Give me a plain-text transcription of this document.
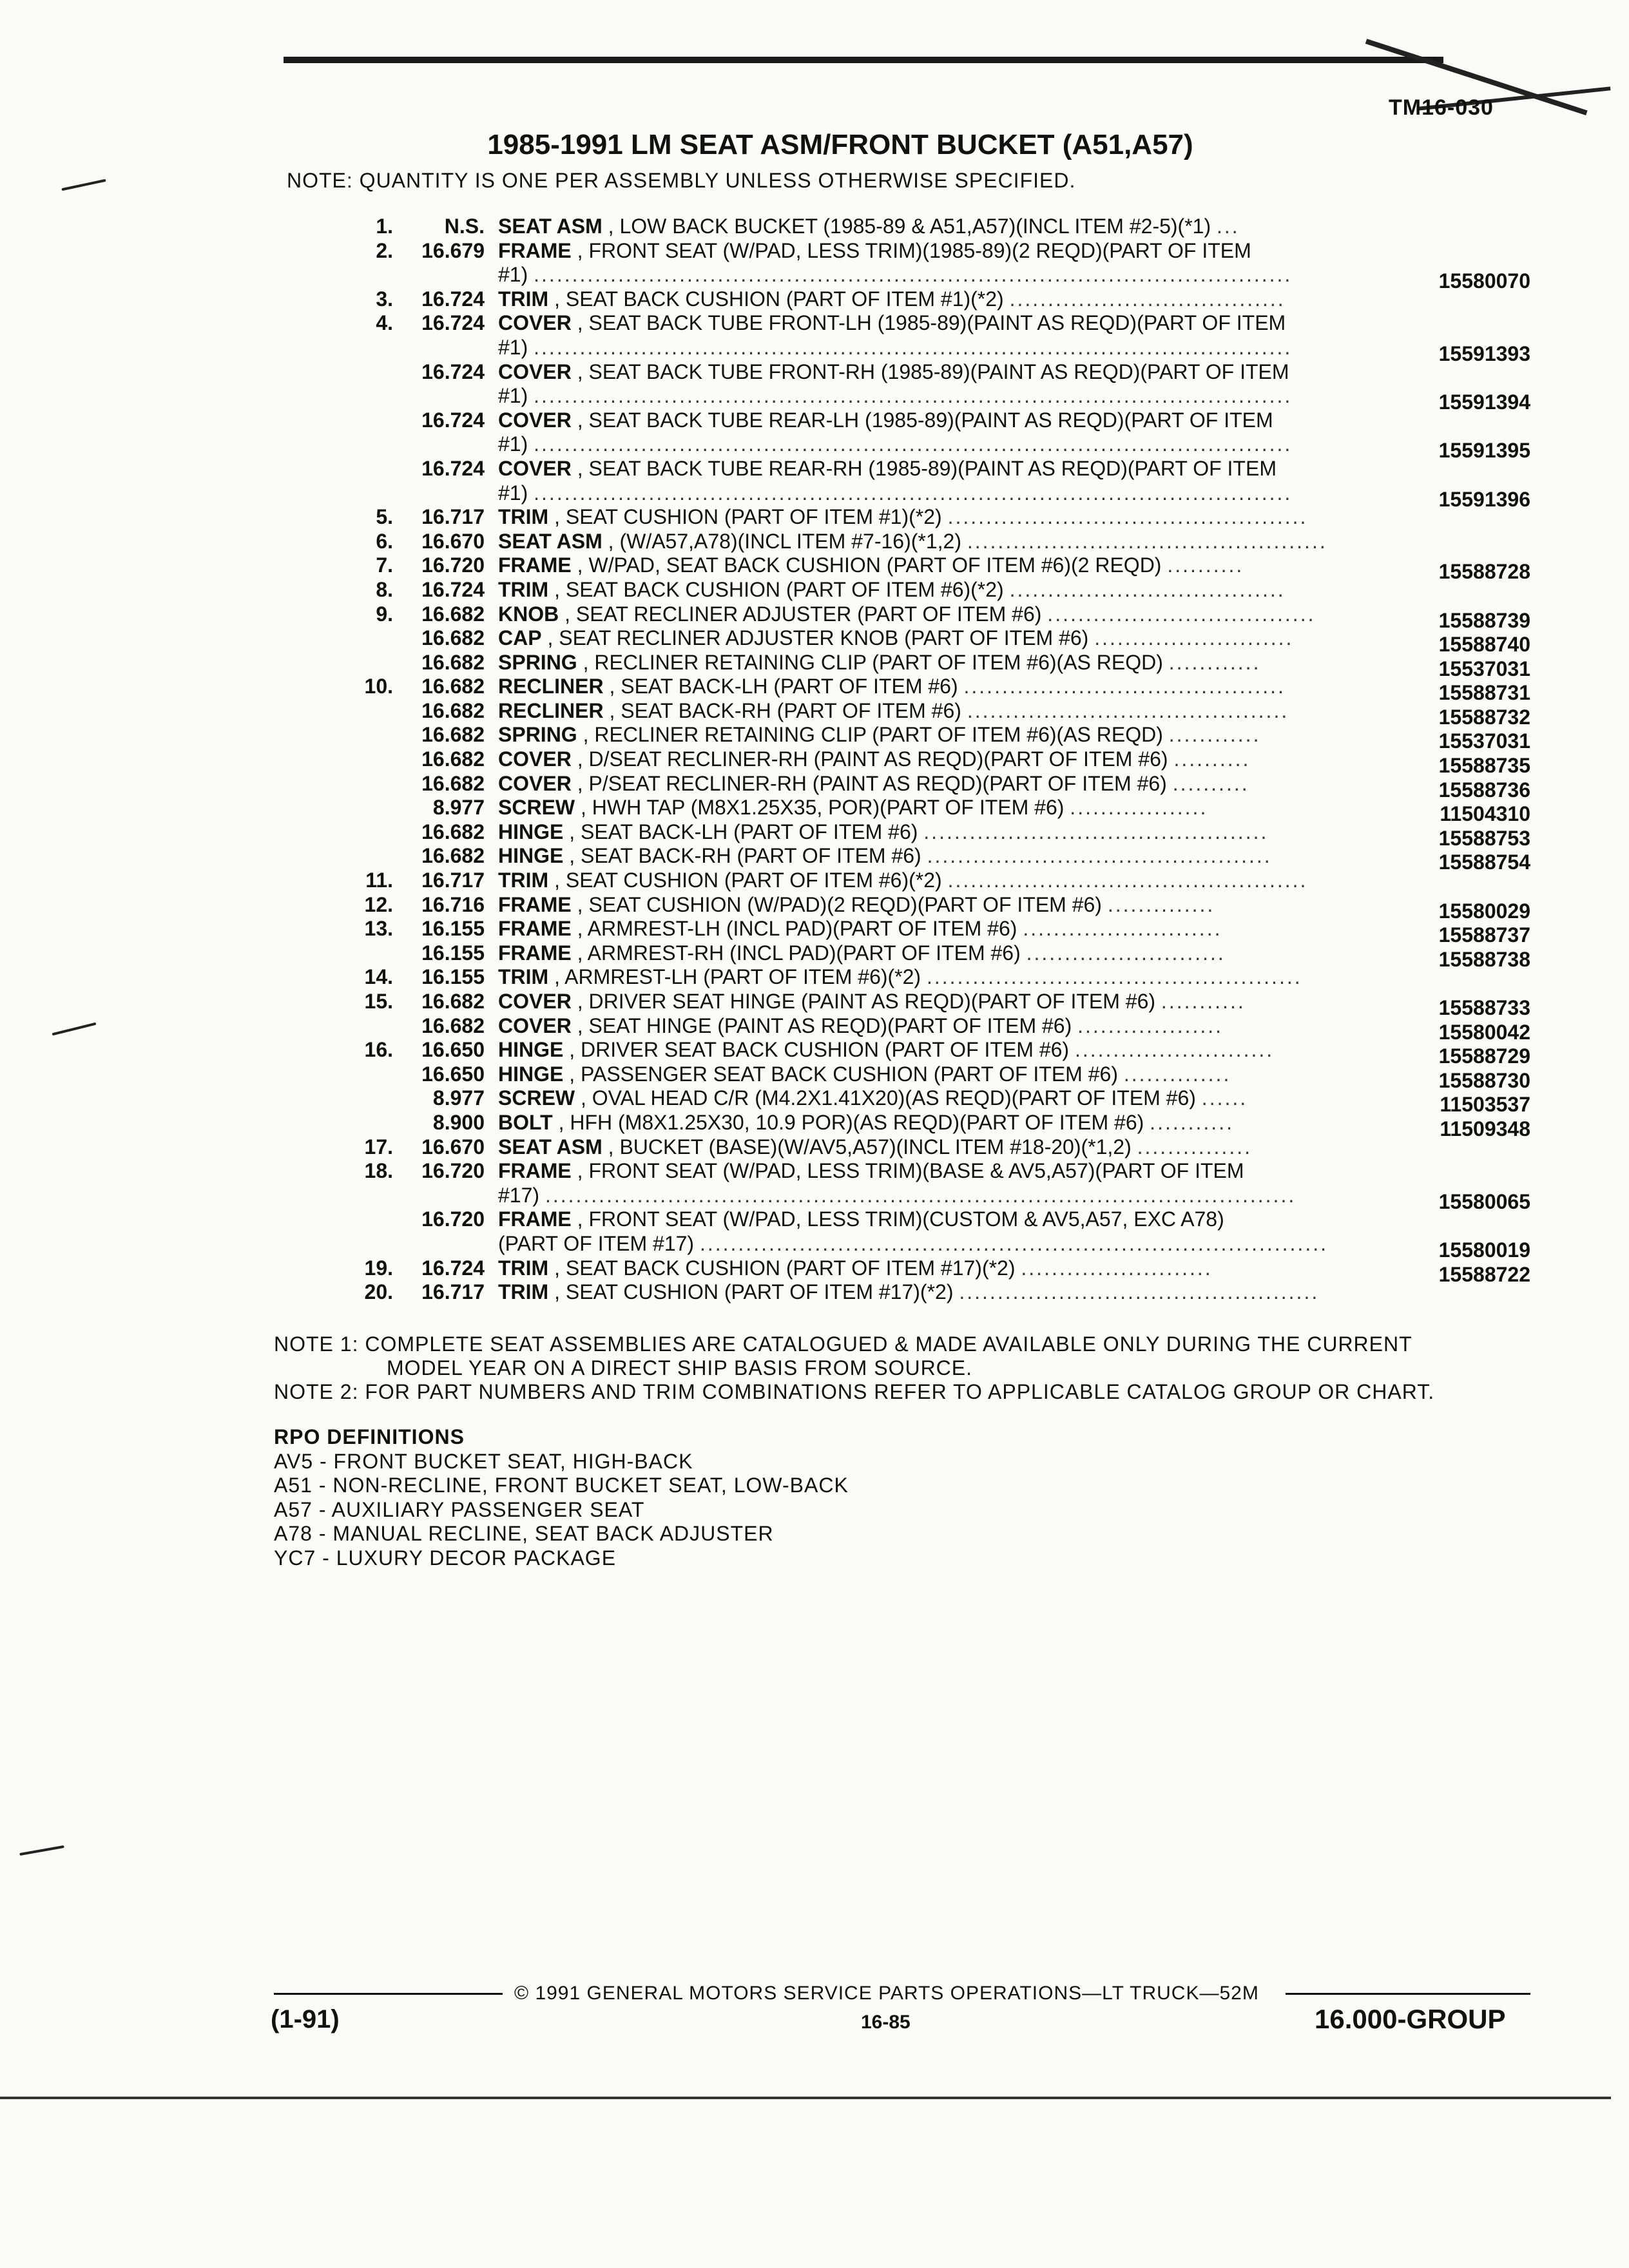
TM16-030
1985-1991 LM SEAT ASM/FRONT BUCKET (A51,A57)
NOTE: QUANTITY IS ONE PER ASSEMBLY UNLESS OTHERWISE SPECIFIED.
1.	N.S. SEAT ASM , LOW BACK BUCKET (1985-89 & A51,A57)(INCL ITEM #2-5)(*1) ...
2.	16.679 FRAME , FRONT SEAT (W/PAD, LESS TRIM)(1985-89)(2 REQD)(PART OF ITEM
#1) ...................................................................................................	15580070
3.	16.724 TRIM , SEAT BACK CUSHION (PART OF ITEM #1)(*2) ....................................
4.	16.724 COVER , SEAT BACK TUBE FRONT-LH (1985-89)(PAINT AS REQD)(PART OF ITEM
#1) ...................................................................................................	15591393
16.724 COVER , SEAT BACK TUBE FRONT-RH (1985-89)(PAINT AS REQD)(PART OF ITEM
#1) ...................................................................................................	15591394
16.724 COVER , SEAT BACK TUBE REAR-LH (1985-89)(PAINT AS REQD)(PART OF ITEM
#1) ...................................................................................................	15591395
16.724 COVER , SEAT BACK TUBE REAR-RH (1985-89)(PAINT AS REQD)(PART OF ITEM
#1) ...................................................................................................	15591396
5.	16.717 TRIM , SEAT CUSHION (PART OF ITEM #1)(*2) ...............................................
6.	16.670 SEAT ASM , (W/A57,A78)(INCL ITEM #7-16)(*1,2) ...............................................
7.	16.720 FRAME , W/PAD, SEAT BACK CUSHION (PART OF ITEM #6)(2 REQD) ..........	15588728
8.	16.724 TRIM , SEAT BACK CUSHION (PART OF ITEM #6)(*2) ....................................
9.	16.682 KNOB , SEAT RECLINER ADJUSTER (PART OF ITEM #6) ...................................	15588739
16.682 CAP , SEAT RECLINER ADJUSTER KNOB (PART OF ITEM #6) ..........................	15588740
16.682 SPRING , RECLINER RETAINING CLIP (PART OF ITEM #6)(AS REQD) ............	15537031
10.	16.682 RECLINER , SEAT BACK-LH (PART OF ITEM #6) ..........................................	15588731
16.682 RECLINER , SEAT BACK-RH (PART OF ITEM #6) ..........................................	15588732
16.682 SPRING , RECLINER RETAINING CLIP (PART OF ITEM #6)(AS REQD) ............	15537031
16.682 COVER , D/SEAT RECLINER-RH (PAINT AS REQD)(PART OF ITEM #6) ..........	15588735
16.682 COVER , P/SEAT RECLINER-RH (PAINT AS REQD)(PART OF ITEM #6) ..........	15588736
8.977 SCREW , HWH TAP (M8X1.25X35, POR)(PART OF ITEM #6) ..................	11504310
16.682 HINGE , SEAT BACK-LH (PART OF ITEM #6) .............................................	15588753
16.682 HINGE , SEAT BACK-RH (PART OF ITEM #6) .............................................	15588754
11.	16.717 TRIM , SEAT CUSHION (PART OF ITEM #6)(*2) ...............................................
12.	16.716 FRAME , SEAT CUSHION (W/PAD)(2 REQD)(PART OF ITEM #6) ..............	15580029
13.	16.155 FRAME , ARMREST-LH (INCL PAD)(PART OF ITEM #6) ..........................	15588737
16.155 FRAME , ARMREST-RH (INCL PAD)(PART OF ITEM #6) ..........................	15588738
14.	16.155 TRIM , ARMREST-LH (PART OF ITEM #6)(*2) .................................................
15.	16.682 COVER , DRIVER SEAT HINGE (PAINT AS REQD)(PART OF ITEM #6) ...........	15588733
16.682 COVER , SEAT HINGE (PAINT AS REQD)(PART OF ITEM #6) ...................	15580042
16.	16.650 HINGE , DRIVER SEAT BACK CUSHION (PART OF ITEM #6) ..........................	15588729
16.650 HINGE , PASSENGER SEAT BACK CUSHION (PART OF ITEM #6) ..............	15588730
8.977 SCREW , OVAL HEAD C/R (M4.2X1.41X20)(AS REQD)(PART OF ITEM #6) ......	11503537
8.900 BOLT , HFH (M8X1.25X30, 10.9 POR)(AS REQD)(PART OF ITEM #6) ...........	11509348
17.	16.670 SEAT ASM , BUCKET (BASE)(W/AV5,A57)(INCL ITEM #18-20)(*1,2) ...............
18.	16.720 FRAME , FRONT SEAT (W/PAD, LESS TRIM)(BASE & AV5,A57)(PART OF ITEM
#17) ..................................................................................................	15580065
16.720 FRAME , FRONT SEAT (W/PAD, LESS TRIM)(CUSTOM & AV5,A57, EXC A78)
(PART OF ITEM #17) ..................................................................................	15580019
19.	16.724 TRIM , SEAT BACK CUSHION (PART OF ITEM #17)(*2) .........................	15588722
20.	16.717 TRIM , SEAT CUSHION (PART OF ITEM #17)(*2) ...............................................
NOTE 1: COMPLETE SEAT ASSEMBLIES ARE CATALOGUED & MADE AVAILABLE ONLY DURING THE CURRENT
MODEL YEAR ON A DIRECT SHIP BASIS FROM SOURCE.
NOTE 2: FOR PART NUMBERS AND TRIM COMBINATIONS REFER TO APPLICABLE CATALOG GROUP OR CHART.
RPO DEFINITIONS
AV5 - FRONT BUCKET SEAT, HIGH-BACK
A51 - NON-RECLINE, FRONT BUCKET SEAT, LOW-BACK
A57 - AUXILIARY PASSENGER SEAT
A78 - MANUAL RECLINE, SEAT BACK ADJUSTER
YC7 - LUXURY DECOR PACKAGE
© 1991 GENERAL MOTORS SERVICE PARTS OPERATIONS—LT TRUCK—52M
(1-91)	16-85	16.000-GROUP
